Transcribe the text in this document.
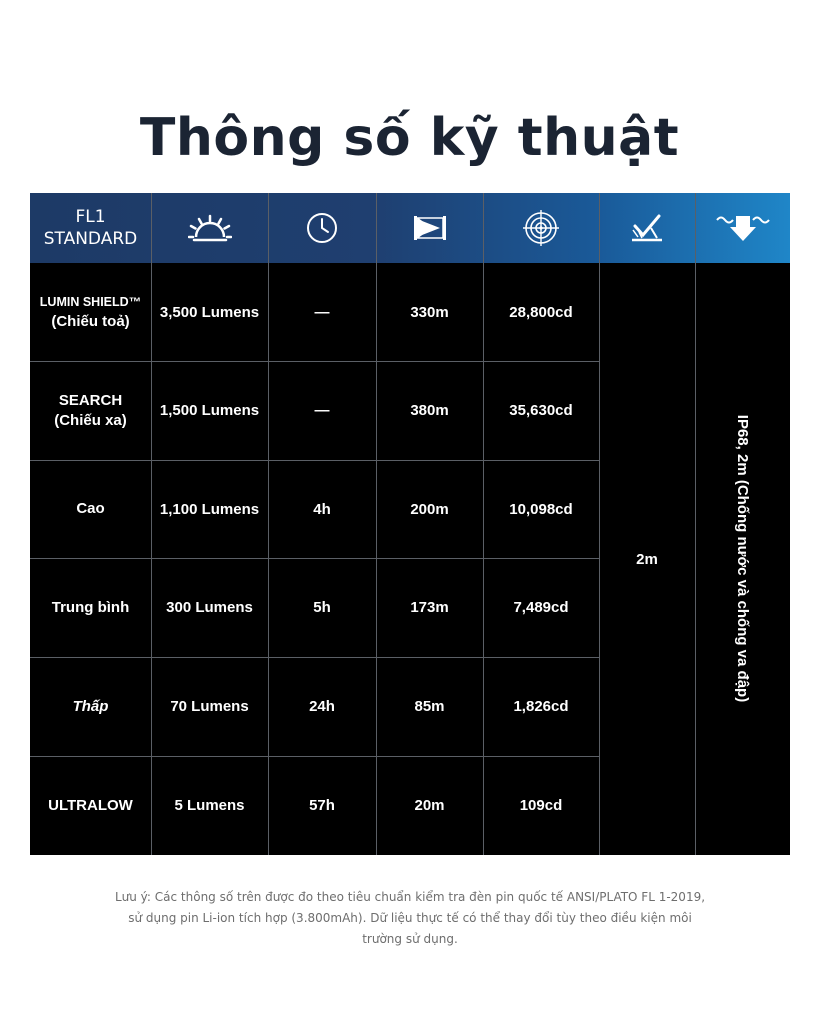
Thông số kỹ thuật
FL1
STANDARD
LUMIN SHIELD™
(Chiếu toả)
3,500 Lumens	—	330m	28,800cd
SEARCH
(Chiếu xa)
1,500 Lumens	—	380m	35,630cd
Cao	1,100 Lumens	4h	200m	10,098cd
Trung bình	300 Lumens	5h	173m	7,489cd
Thấp	70 Lumens	24h	85m	1,826cd
ULTRALOW	5 Lumens	57h	20m	109cd
2m	IP68, 2m (Chống nước và chống va đập)
Lưu ý: Các thông số trên được đo theo tiêu chuẩn kiểm tra đèn pin quốc tế ANSI/PLATO FL 1-2019, sử dụng pin Li-ion tích hợp (3.800mAh). Dữ liệu thực tế có thể thay đổi tùy theo điều kiện môi trường sử dụng.
